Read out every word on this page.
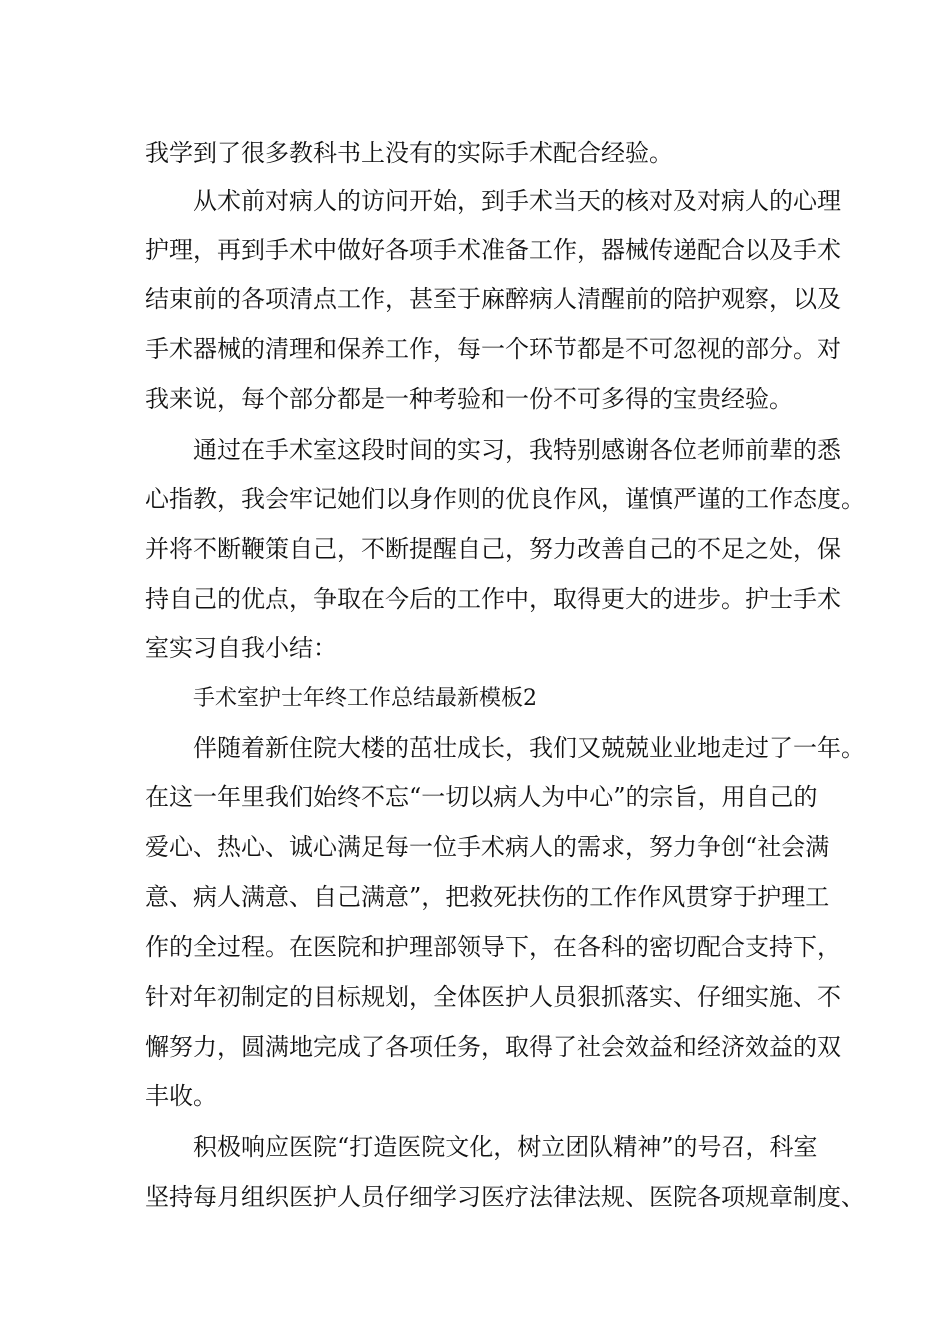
我学到了很多教科书上没有的实际手术配合经验。
从术前对病人的访问开始，到手术当天的核对及对病人的心理
护理，再到手术中做好各项手术准备工作，器械传递配合以及手术
结束前的各项清点工作，甚至于麻醉病人清醒前的陪护观察，以及
手术器械的清理和保养工作，每一个环节都是不可忽视的部分。对
我来说，每个部分都是一种考验和一份不可多得的宝贵经验。
通过在手术室这段时间的实习，我特别感谢各位老师前辈的悉
心指教，我会牢记她们以身作则的优良作风，谨慎严谨的工作态度。
并将不断鞭策自己，不断提醒自己，努力改善自己的不足之处，保
持自己的优点，争取在今后的工作中，取得更大的进步。护士手术
室实习自我小结：
手术室护士年终工作总结最新模板2
伴随着新住院大楼的茁壮成长，我们又兢兢业业地走过了一年。
在这一年里我们始终不忘“一切以病人为中心”的宗旨，用自己的
爱心、热心、诚心满足每一位手术病人的需求，努力争创“社会满
意、病人满意、自己满意”，把救死扶伤的工作作风贯穿于护理工
作的全过程。在医院和护理部领导下，在各科的密切配合支持下，
针对年初制定的目标规划，全体医护人员狠抓落实、仔细实施、不
懈努力，圆满地完成了各项任务，取得了社会效益和经济效益的双
丰收。
积极响应医院“打造医院文化，树立团队精神”的号召，科室
坚持每月组织医护人员仔细学习医疗法律法规、医院各项规章制度、
